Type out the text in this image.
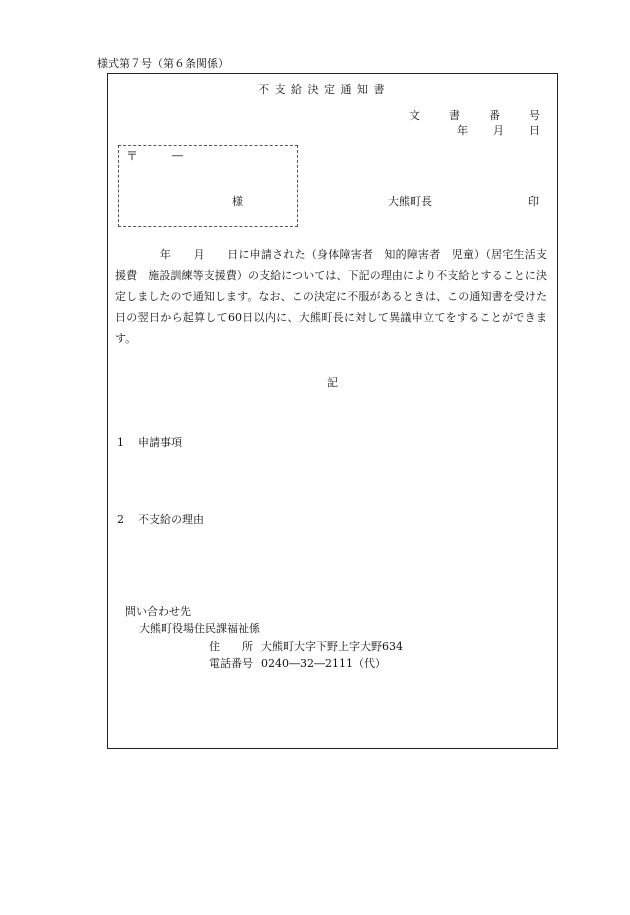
様式第７号（第６条関係）
不 支 給 決 定 通 知 書
文	書	番	号
年 月 日
〒	―
様	大熊町長	印
　　　　年　　月　　日に申請された（身体障害者　知的障害者　児童）（居宅生活支援費　施設訓練等支援費）の支給については、下記の理由により不支給とすることに決定しましたので通知します。なお、この決定に不服があるときは、この通知書を受けた日の翌日から起算して60日以内に、大熊町長に対して異議申立てをすることができます。
記
1 申請事項
2 不支給の理由
問い合わせ先
大熊町役場住民課福祉係
住　　所 大熊町大字下野上字大野634
電話番号 0240―32―2111（代）
